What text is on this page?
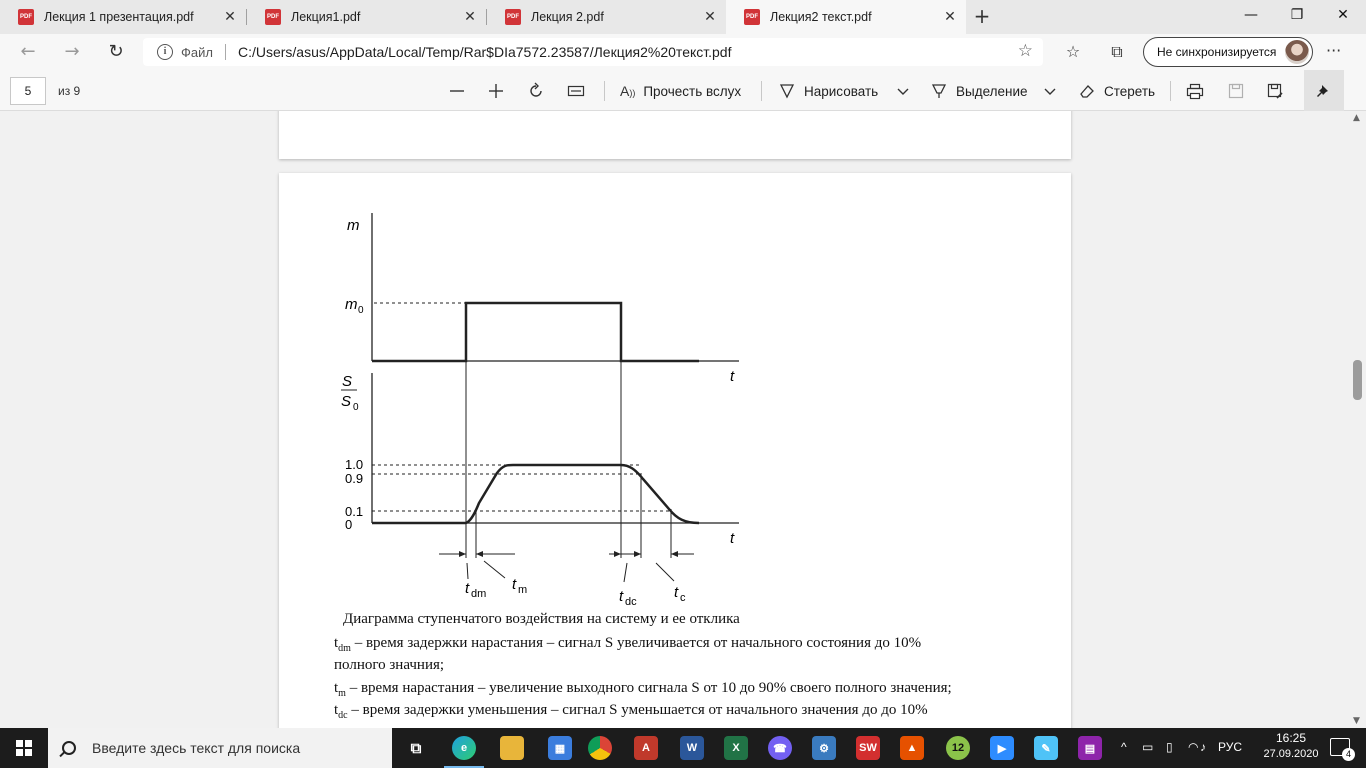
PDF Лекция 1 презентация.pdf ✕	PDF Лекция1.pdf	✕	PDF Лекция 2.pdf	✕	PDF Лекция2 текст.pdf	✕ +	—	❐	✕
←	→	↻	i	Файл C:/Users/asus/AppData/Local/Temp/Rar$DIa7572.23587/Лекция2%20текст.pdf	☆ ☆	⧉	Не синхронизируется	···
5	из 9	A)) Прочесть вслух	Нарисовать	Выделение	Стереть
m
m 0
t
S
S 0
1.0
0.9
0.1
0
t
t dm
t m	t dc
t c
Диаграмма ступенчатого воздействия на систему и ее отклика
$t_{dm}$ – время задержки нарастания – сигнал S увеличивается от начального состояния до 10%
полного значния;
$t_m$ – время нарастания – увеличение выходного сигнала S от 10 до 90% своего полного значения;
$t_{dc}$ – время задержки уменьшения – сигнал S уменьшается от начального значения до до 10%
▲
▼
Введите здесь текст для поиска	⧉	e	▦	A	W	X	☎	⚙	SW	▲	12	▶	✎	▤	^ ▭ ▯ ◠ ♪ РУС
16:25
27.09.2020	4
